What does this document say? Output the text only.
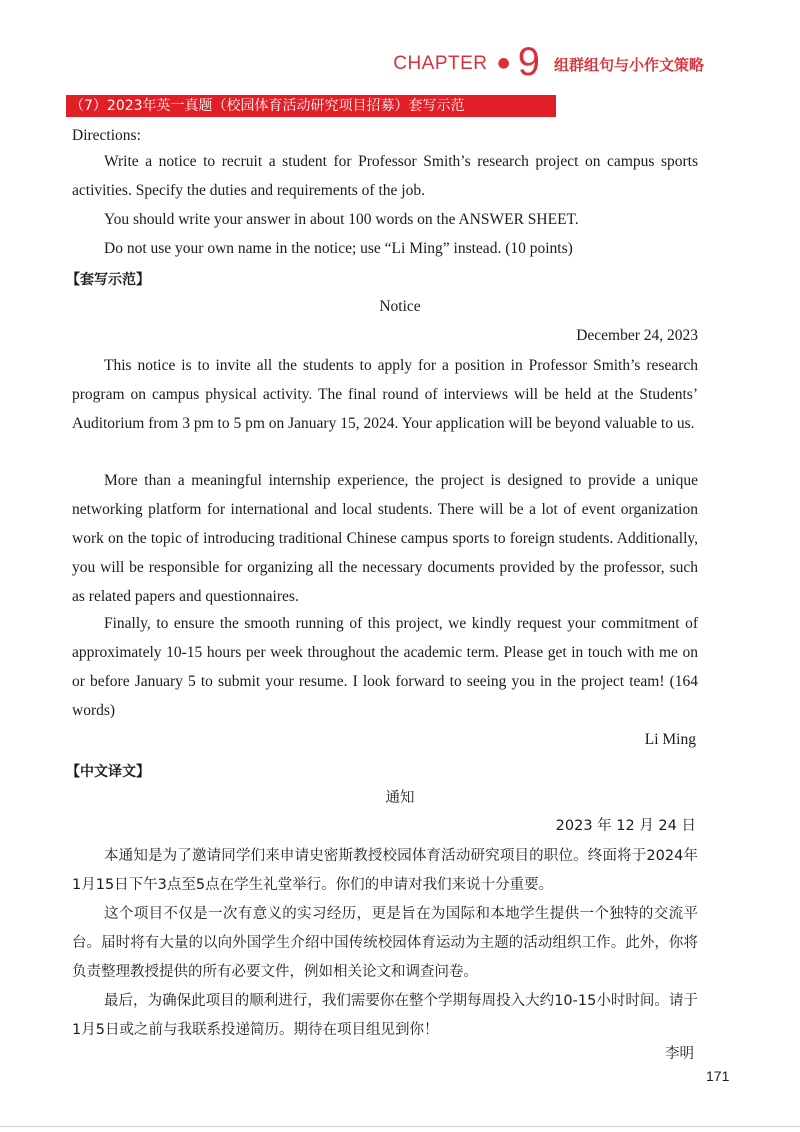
CHAPTER ● 9 组群组句与小作文策略
（7）2023年英一真题（校园体育活动研究项目招募）套写示范
Directions:
Write a notice to recruit a student for Professor Smith’s research project on campus sports activities. Specify the duties and requirements of the job.
You should write your answer in about 100 words on the ANSWER SHEET.
Do not use your own name in the notice; use “Li Ming” instead. (10 points)
【套写示范】
Notice
December 24, 2023
This notice is to invite all the students to apply for a position in Professor Smith’s research program on campus physical activity. The final round of interviews will be held at the Students’ Auditorium from 3 pm to 5 pm on January 15, 2024. Your application will be beyond valuable to us.
More than a meaningful internship experience, the project is designed to provide a unique networking platform for international and local students. There will be a lot of event organization work on the topic of introducing traditional Chinese campus sports to foreign students. Additionally, you will be responsible for organizing all the necessary documents provided by the professor, such as related papers and questionnaires.
Finally, to ensure the smooth running of this project, we kindly request your commitment of approximately 10-15 hours per week throughout the academic term. Please get in touch with me on or before January 5 to submit your resume. I look forward to seeing you in the project team! (164 words)
Li Ming
【中文译文】
通知
2023 年 12 月 24 日
本通知是为了邀请同学们来申请史密斯教授校园体育活动研究项目的职位。终面将于2024年1月15日下午3点至5点在学生礼堂举行。你们的申请对我们来说十分重要。
这个项目不仅是一次有意义的实习经历，更是旨在为国际和本地学生提供一个独特的交流平台。届时将有大量的以向外国学生介绍中国传统校园体育运动为主题的活动组织工作。此外，你将负责整理教授提供的所有必要文件，例如相关论文和调查问卷。
最后，为确保此项目的顺利进行，我们需要你在整个学期每周投入大约10-15小时时间。请于1月5日或之前与我联系投递简历。期待在项目组见到你！
李明
171
